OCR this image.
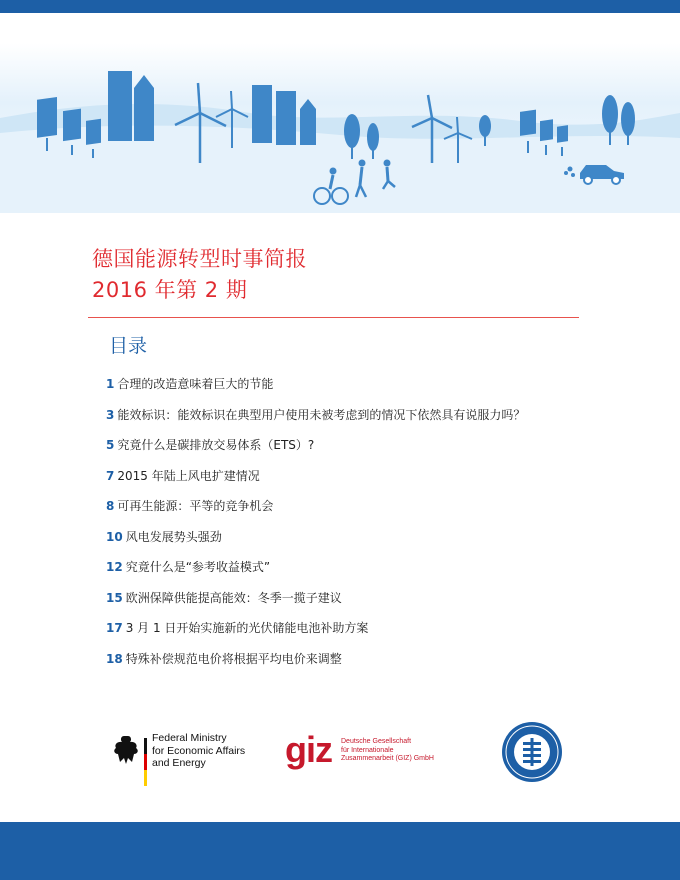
德国能源转型时事简报
2016 年第 2 期
目录
1 合理的改造意味着巨大的节能
3 能效标识：能效标识在典型用户使用未被考虑到的情况下依然具有说服力吗？
5 究竟什么是碳排放交易体系（ETS）?
7 2015 年陆上风电扩建情况
8 可再生能源：平等的竞争机会
10 风电发展势头强劲
12 究竟什么是“参考收益模式”
15 欧洲保障供能提高能效：冬季一揽子建议
17 3 月 1 日开始实施新的光伏储能电池补助方案
18 特殊补偿规范电价将根据平均电价来调整
Federal Ministry
for Economic Affairs
and Energy	giz Deutsche Gesellschaft
für Internationale
Zusammenarbeit (GIZ) GmbH
